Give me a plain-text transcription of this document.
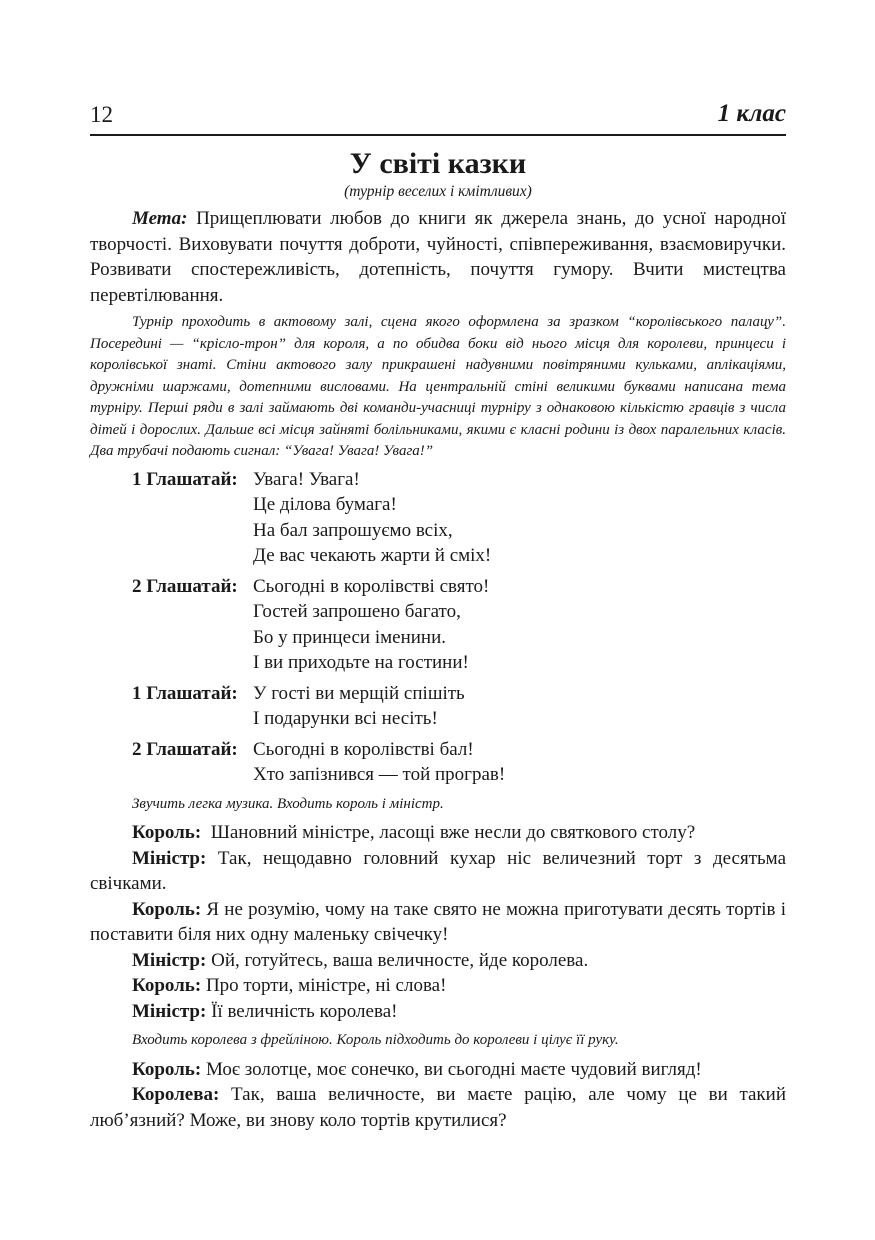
12	1 клас
У світі казки
(турнір веселих і кмітливих)

Мета: Прищеплювати любов до книги як джерела знань, до усної народної творчості. Виховувати почуття доброти, чуйності, співпереживання, взаємовиручки. Розвивати спостережливість, дотепність, почуття гумору. Вчити мистецтва перевтілювання.

Турнір проходить в актовому залі, сцена якого оформлена за зразком “королівського палацу”. Посередині — “крісло-трон” для короля, а по обидва боки від нього місця для королеви, принцеси і королівської знаті. Стіни актового залу прикрашені надувними повітряними кульками, аплікаціями, дружніми шаржами, дотепними висловами. На центральній стіні великими буквами написана тема турніру. Перші ряди в залі займають дві команди-учасниці турніру з однаковою кількістю гравців з числа дітей і дорослих. Дальше всі місця зайняті болільниками, якими є класні родини із двох паралельних класів. Два трубачі подають сигнал: “Увага! Увага! Увага!”

1 Глашатай: Увага! Увага!
Це ділова бумага!
На бал запрошуємо всіх,
Де вас чекають жарти й сміх!
2 Глашатай: Сьогодні в королівстві свято!
Гостей запрошено багато,
Бо у принцеси іменини.
І ви приходьте на гостини!
1 Глашатай: У гості ви мерщій спішіть
І подарунки всі несіть!
2 Глашатай: Сьогодні в королівстві бал!
Хто запізнився — той програв!

Звучить легка музика. Входить король і міністр.

Король: Шановний міністре, ласощі вже несли до святкового столу?

Міністр: Так, нещодавно головний кухар ніс величезний торт з десятьма свічками.

Король: Я не розумію, чому на таке свято не можна приготувати десять тортів і поставити біля них одну маленьку свічечку!

Міністр: Ой, готуйтесь, ваша величносте, йде королева.

Король: Про торти, міністре, ні слова!

Міністр: Її величність королева!

Входить королева з фрейліною. Король підходить до королеви і цілує її руку.

Король: Моє золотце, моє сонечко, ви сьогодні маєте чудовий вигляд!

Королева: Так, ваша величносте, ви маєте рацію, але чому це ви такий люб’язний? Може, ви знову коло тортів крутилися?
